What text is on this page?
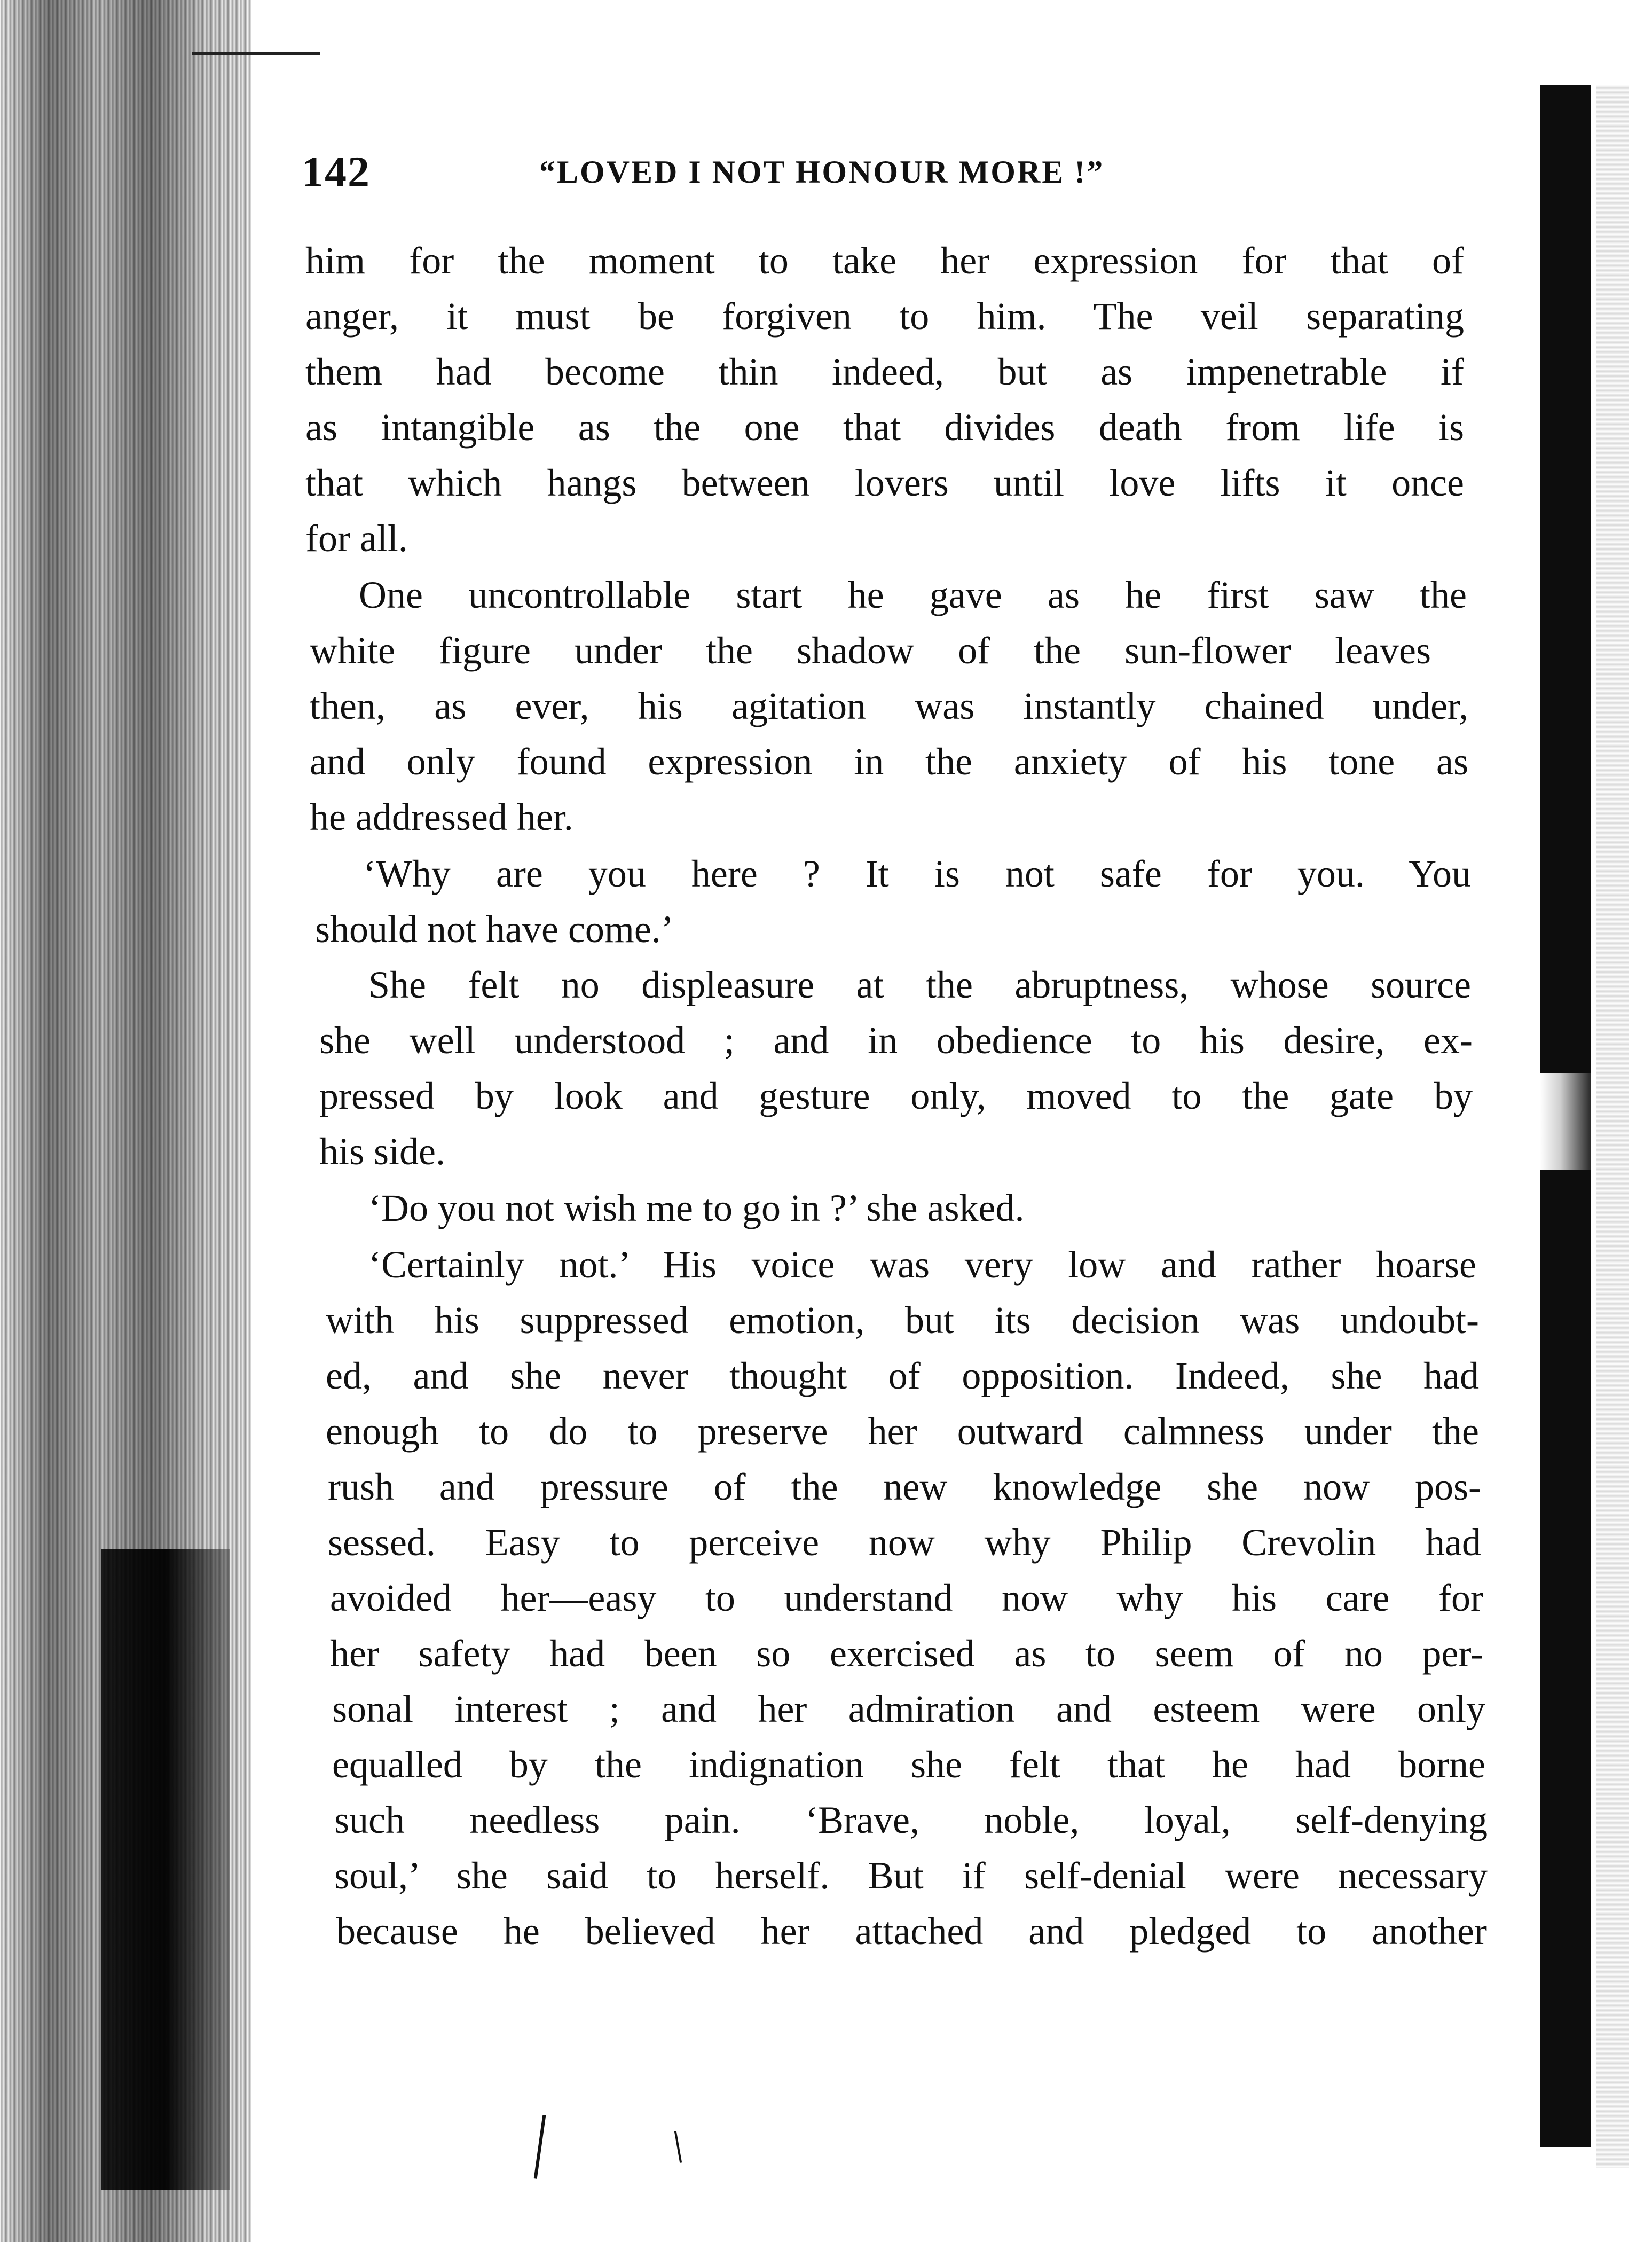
142	“LOVED I NOT HONOUR MORE !”
him for the moment to take her expression for that of
anger, it must be forgiven to him. The veil separating
them had become thin indeed, but as impenetrable if
as intangible as the one that divides death from life is
that which hangs between lovers until love lifts it once
for all.
One uncontrollable start he gave as he first saw the
white figure under the shadow of the sun-flower leaves
then, as ever, his agitation was instantly chained under,
and only found expression in the anxiety of his tone as
he addressed her.
‘Why are you here ? It is not safe for you. You
should not have come.’
She felt no displeasure at the abruptness, whose source
she well understood ; and in obedience to his desire, ex-
pressed by look and gesture only, moved to the gate by
his side.
‘Do you not wish me to go in ?’ she asked.
‘Certainly not.’ His voice was very low and rather hoarse
with his suppressed emotion, but its decision was undoubt-
ed, and she never thought of opposition. Indeed, she had
enough to do to preserve her outward calmness under the
rush and pressure of the new knowledge she now pos-
sessed. Easy to perceive now why Philip Crevolin had
avoided her—easy to understand now why his care for
her safety had been so exercised as to seem of no per-
sonal interest ; and her admiration and esteem were only
equalled by the indignation she felt that he had borne
such needless pain. ‘Brave, noble, loyal, self-denying
soul,’ she said to herself. But if self-denial were necessary
because he believed her attached and pledged to another
